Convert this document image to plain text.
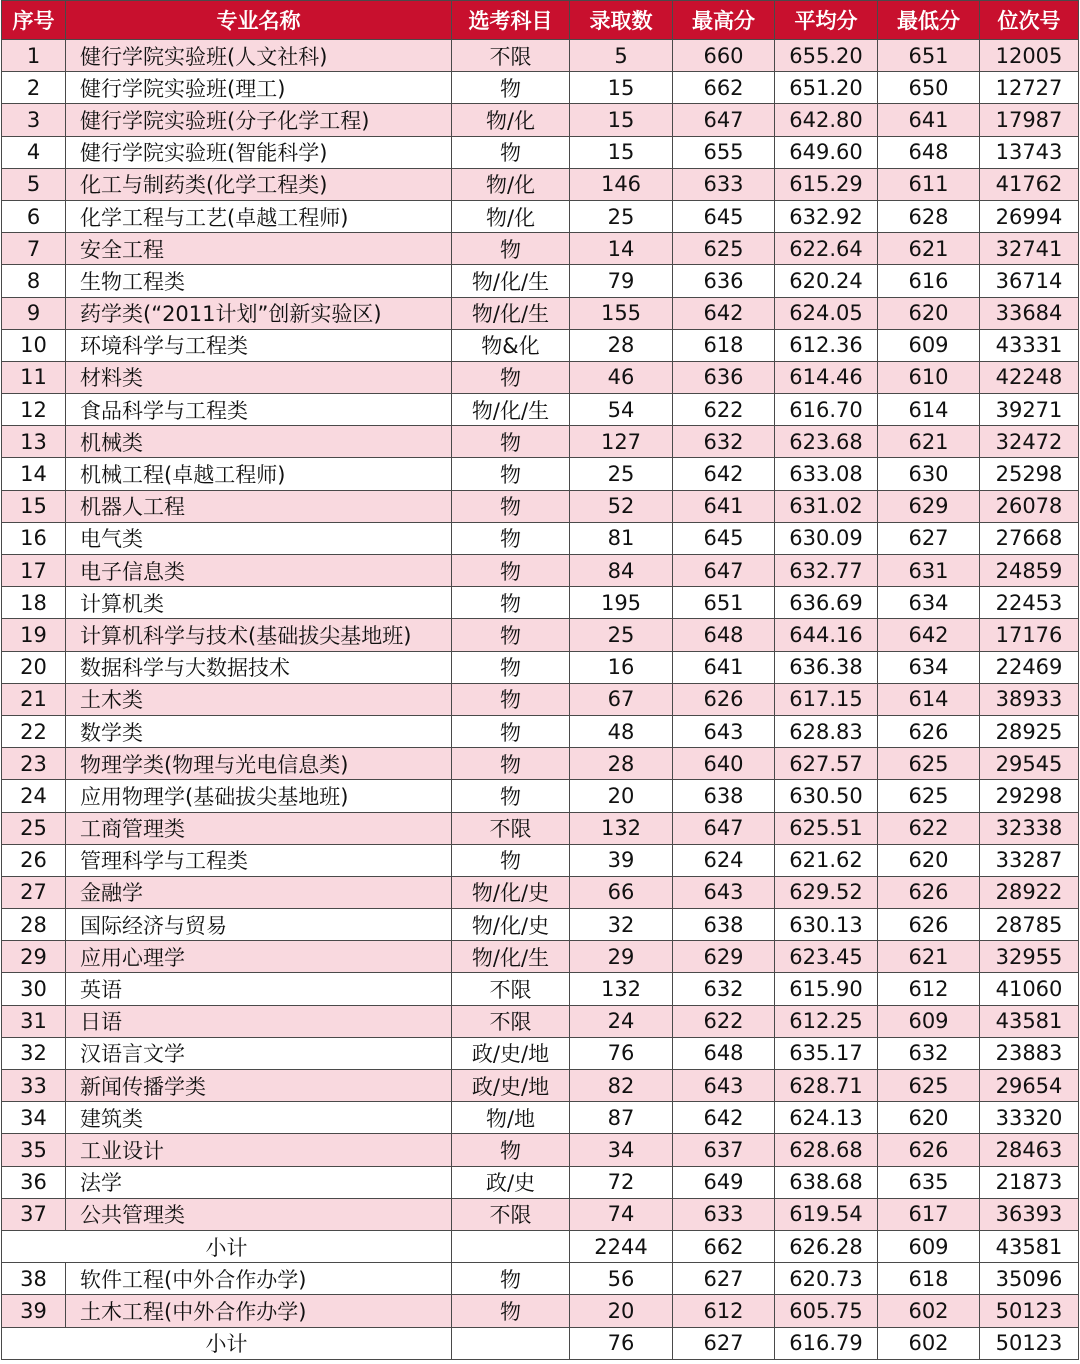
序号	专业名称	选考科目	录取数	最高分	平均分	最低分	位次号
1	健行学院实验班(人文社科)	不限	5	660	655.20	651	12005
2	健行学院实验班(理工)	物	15	662	651.20	650	12727
3	健行学院实验班(分子化学工程)	物/化	15	647	642.80	641	17987
4	健行学院实验班(智能科学)	物	15	655	649.60	648	13743
5	化工与制药类(化学工程类)	物/化	146	633	615.29	611	41762
6	化学工程与工艺(卓越工程师)	物/化	25	645	632.92	628	26994
7	安全工程	物	14	625	622.64	621	32741
8	生物工程类	物/化/生	79	636	620.24	616	36714
9	药学类(“2011计划”创新实验区)	物/化/生	155	642	624.05	620	33684
10	环境科学与工程类	物&化	28	618	612.36	609	43331
11	材料类	物	46	636	614.46	610	42248
12	食品科学与工程类	物/化/生	54	622	616.70	614	39271
13	机械类	物	127	632	623.68	621	32472
14	机械工程(卓越工程师)	物	25	642	633.08	630	25298
15	机器人工程	物	52	641	631.02	629	26078
16	电气类	物	81	645	630.09	627	27668
17	电子信息类	物	84	647	632.77	631	24859
18	计算机类	物	195	651	636.69	634	22453
19	计算机科学与技术(基础拔尖基地班)	物	25	648	644.16	642	17176
20	数据科学与大数据技术	物	16	641	636.38	634	22469
21	土木类	物	67	626	617.15	614	38933
22	数学类	物	48	643	628.83	626	28925
23	物理学类(物理与光电信息类)	物	28	640	627.57	625	29545
24	应用物理学(基础拔尖基地班)	物	20	638	630.50	625	29298
25	工商管理类	不限	132	647	625.51	622	32338
26	管理科学与工程类	物	39	624	621.62	620	33287
27	金融学	物/化/史	66	643	629.52	626	28922
28	国际经济与贸易	物/化/史	32	638	630.13	626	28785
29	应用心理学	物/化/生	29	629	623.45	621	32955
30	英语	不限	132	632	615.90	612	41060
31	日语	不限	24	622	612.25	609	43581
32	汉语言文学	政/史/地	76	648	635.17	632	23883
33	新闻传播学类	政/史/地	82	643	628.71	625	29654
34	建筑类	物/地	87	642	624.13	620	33320
35	工业设计	物	34	637	628.68	626	28463
36	法学	政/史	72	649	638.68	635	21873
37	公共管理类	不限	74	633	619.54	617	36393
小计			2244	662	626.28	609	43581
38	软件工程(中外合作办学)	物	56	627	620.73	618	35096
39	土木工程(中外合作办学)	物	20	612	605.75	602	50123
小计			76	627	616.79	602	50123
